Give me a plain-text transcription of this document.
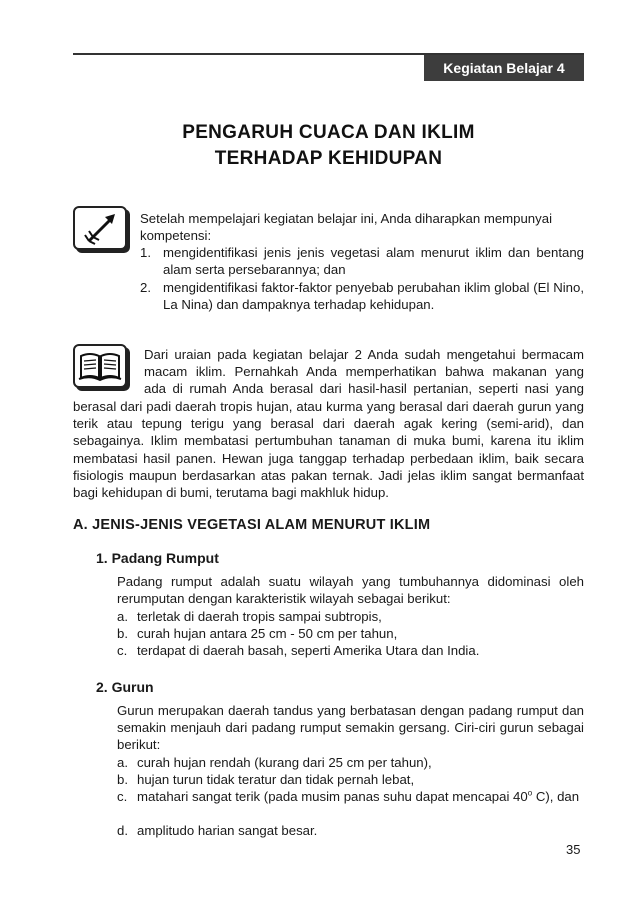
Kegiatan Belajar 4
PENGARUH CUACA DAN IKLIM
TERHADAP KEHIDUPAN
Setelah mempelajari kegiatan belajar ini, Anda diharapkan mempunyai
kompetensi:
1. mengidentifikasi jenis jenis vegetasi alam menurut iklim dan bentang alam serta persebarannya; dan
2. mengidentifikasi faktor-faktor penyebab perubahan iklim global (El Nino, La Nina) dan dampaknya terhadap kehidupan.

Dari uraian pada kegiatan belajar 2 Anda sudah mengetahui bermacam

macam iklim. Pernahkah Anda memperhatikan bahwa makanan yang

ada di rumah Anda berasal dari hasil-hasil pertanian, seperti nasi yang

berasal dari padi daerah tropis hujan, atau kurma yang berasal dari daerah gurun yang terik atau tepung terigu yang berasal dari daerah agak kering (semi-arid), dan sebagainya. Iklim membatasi pertumbuhan tanaman di muka bumi, karena itu iklim membatasi hasil panen. Hewan juga tanggap terhadap perbedaan iklim, baik secara fisiologis maupun berdasarkan atas pakan ternak. Jadi jelas iklim sangat bermanfaat bagi kehidupan di bumi, terutama bagi makhluk hidup.
A. JENIS-JENIS VEGETASI ALAM MENURUT IKLIM
1. Padang Rumput
Padang rumput adalah suatu wilayah yang tumbuhannya didominasi oleh rerumputan dengan karakteristik wilayah sebagai berikut:
a. terletak di daerah tropis sampai subtropis,
b. curah hujan antara 25 cm - 50 cm per tahun,
c. terdapat di daerah basah, seperti Amerika Utara dan India.
2. Gurun
Gurun merupakan daerah tandus yang berbatasan dengan padang rumput dan semakin menjauh dari padang rumput semakin gersang. Ciri-ciri gurun sebagai berikut:
a. curah hujan rendah (kurang dari 25 cm per tahun),
b. hujan turun tidak teratur dan tidak pernah lebat,
c. matahari sangat terik (pada musim panas suhu dapat mencapai 40$^o$ C), dan
d. amplitudo harian sangat besar.
35
